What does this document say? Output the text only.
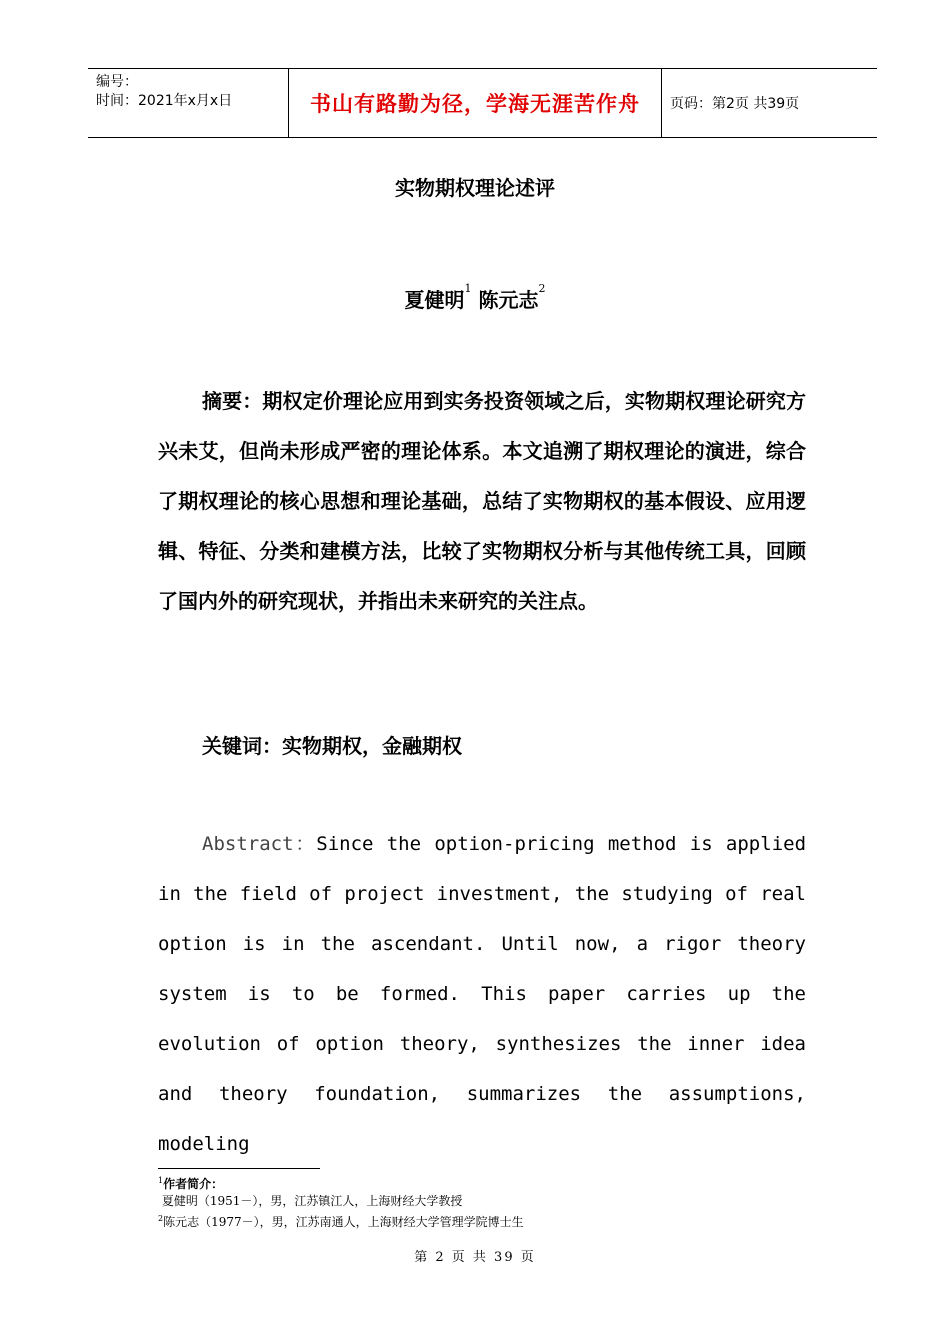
编号：
时间：2021年x月x日	书山有路勤为径，学海无涯苦作舟 页码：第2页 共39页
实物期权理论述评
夏健明$^1$ 陈元志$^2$
摘要：期权定价理论应用到实务投资领域之后，实物期权理论研究方兴未艾，但尚未形成严密的理论体系。本文追溯了期权理论的演进，综合了期权理论的核心思想和理论基础，总结了实物期权的基本假设、应用逻辑、特征、分类和建模方法，比较了实物期权分析与其他传统工具，回顾了国内外的研究现状，并指出未来研究的关注点。
关键词：实物期权，金融期权
Abstract：Since the option-pricing method is applied in the field of project investment, the studying of real option is in the ascendant. Until now, a rigor theory system is to be formed. This paper carries up the evolution of option theory, synthesizes the inner idea and theory foundation, summarizes the assumptions, modeling
$^1$作者简介：
夏健明（1951－），男，江苏镇江人，上海财经大学教授
$^2$陈元志（1977－），男，江苏南通人，上海财经大学管理学院博士生
第 2 页 共 39 页
